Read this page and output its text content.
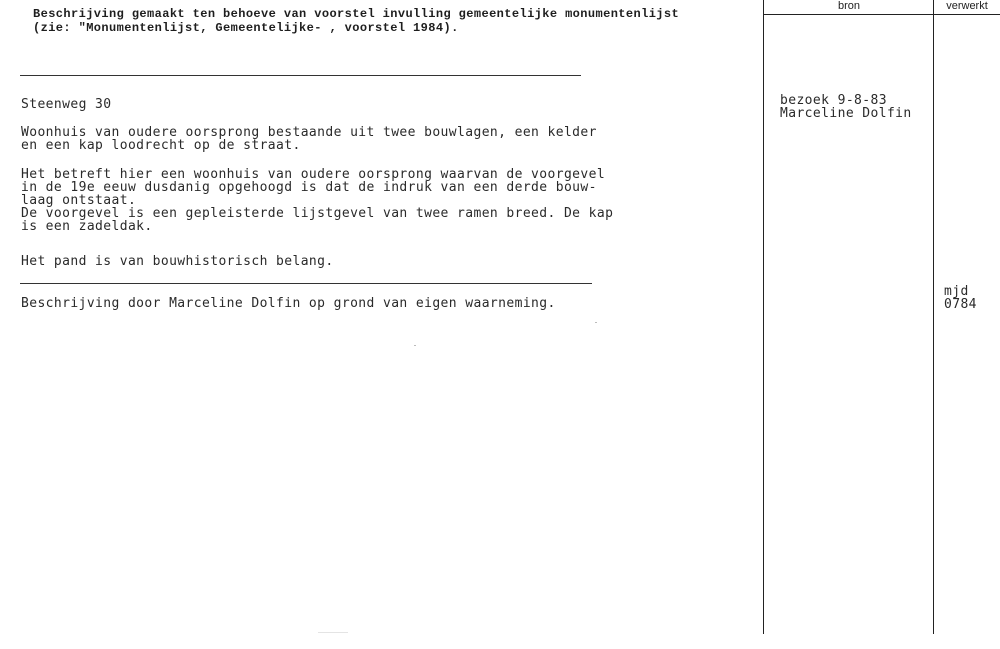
Beschrijving gemaakt ten behoeve van voorstel invulling gemeentelijke monumentenlijst
(zie: "Monumentenlijst, Gemeentelijke- , voorstel 1984).
bron	verwerkt
Steenweg 30
Woonhuis van oudere oorsprong bestaande uit twee bouwlagen, een kelder
en een kap loodrecht op de straat.
Het betreft hier een woonhuis van oudere oorsprong waarvan de voorgevel
in de 19e eeuw dusdanig opgehoogd is dat de indruk van een derde bouw-
laag ontstaat.
De voorgevel is een gepleisterde lijstgevel van twee ramen breed. De kap
is een zadeldak.
Het pand is van bouwhistorisch belang.
Beschrijving door Marceline Dolfin op grond van eigen waarneming.
bezoek 9-8-83
Marceline Dolfin
mjd
0784
